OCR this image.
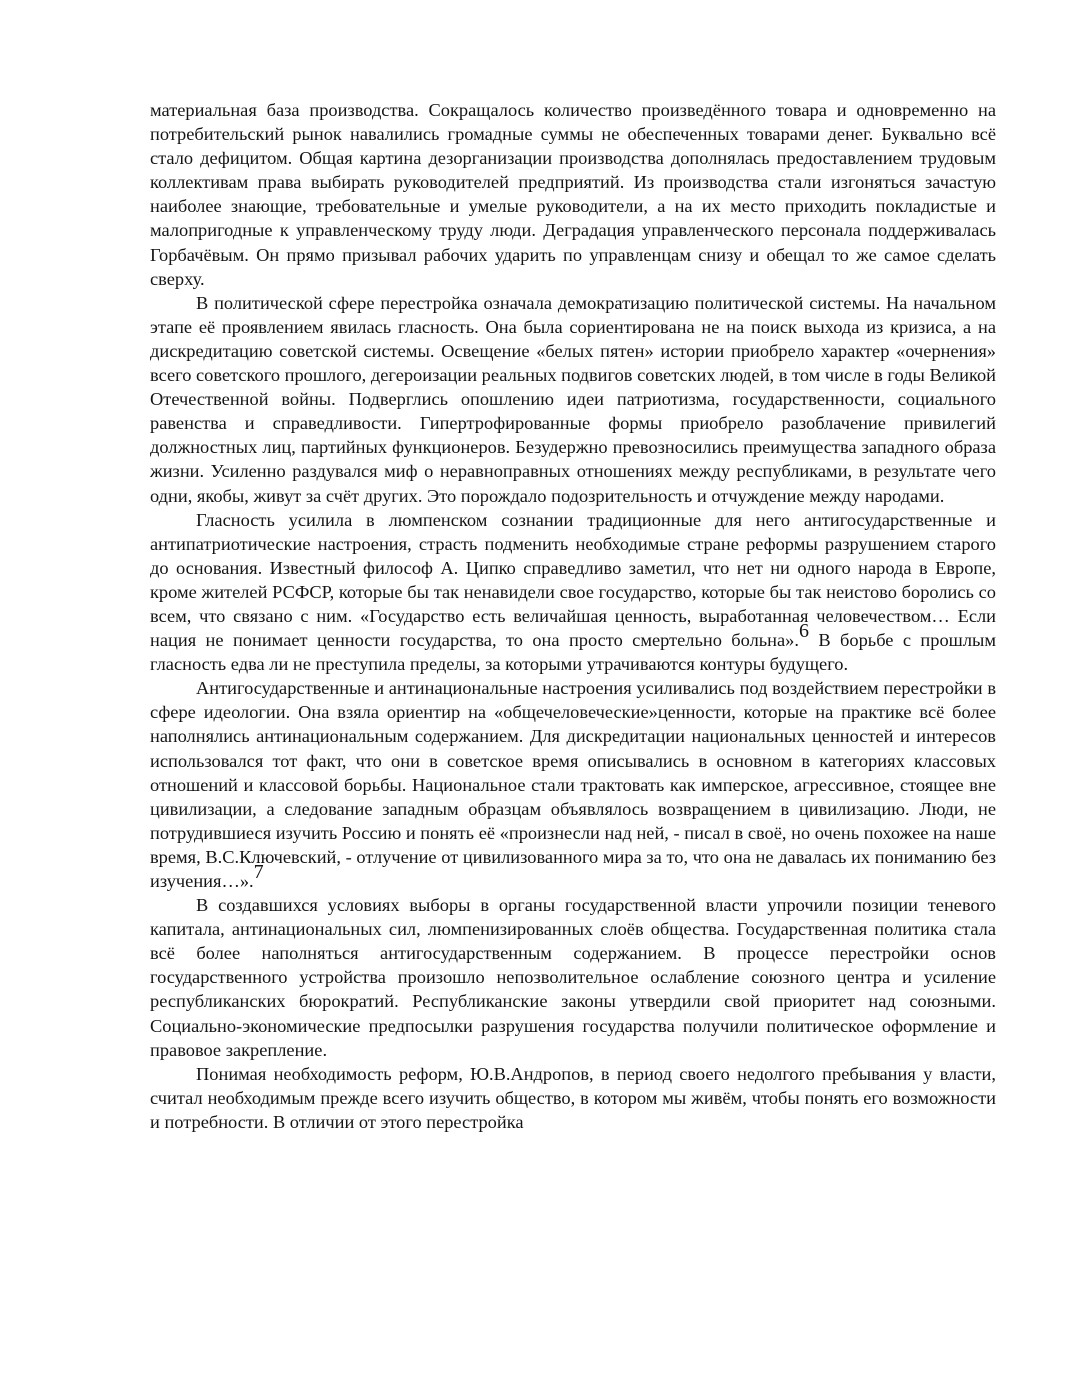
материальная база производства. Сокращалось количество произведённого товара и одновременно на потребительский рынок навалились громадные суммы не обеспеченных товарами денег. Буквально всё стало дефицитом. Общая картина дезорганизации производства дополнялась предоставлением трудовым коллективам права выбирать руководителей предприятий. Из производства стали изгоняться зачастую наиболее знающие, требовательные и умелые руководители, а на их место приходить покладистые и малопригодные к управленческому труду люди. Деградация управленческого персонала поддерживалась Горбачёвым. Он прямо призывал рабочих ударить по управленцам снизу и обещал то же самое сделать сверху.

В политической сфере перестройка означала демократизацию политической системы. На начальном этапе её проявлением явилась гласность. Она была сориентирована не на поиск выхода из кризиса, а на дискредитацию советской системы. Освещение «белых пятен» истории приобрело характер «очернения» всего советского прошлого, дегероизации реальных подвигов советских людей, в том числе в годы Великой Отечественной войны. Подверглись опошлению идеи патриотизма, государственности, социального равенства и справедливости. Гипертрофированные формы приобрело разоблачение привилегий должностных лиц, партийных функционеров. Безудержно превозносились преимущества западного образа жизни. Усиленно раздувался миф о неравноправных отношениях между республиками, в результате чего одни, якобы, живут за счёт других. Это порождало подозрительность и отчуждение между народами.

Гласность усилила в люмпенском сознании традиционные для него антигосударственные и антипатриотические настроения, страсть подменить необходимые стране реформы разрушением старого до основания. Известный философ А. Ципко справедливо заметил, что нет ни одного народа в Европе, кроме жителей РСФСР, которые бы так ненавидели свое государство, которые бы так неистово боролись со всем, что связано с ним. «Государство есть величайшая ценность, выработанная человечеством… Если нация не понимает ценности государства, то она просто смертельно больна».6 В борьбе с прошлым гласность едва ли не преступила пределы, за которыми утрачиваются контуры будущего.

Антигосударственные и антинациональные настроения усиливались под воздействием перестройки в сфере идеологии. Она взяла ориентир на «общечеловеческие»ценности, которые на практике всё более наполнялись антинациональным содержанием. Для дискредитации национальных ценностей и интересов использовался тот факт, что они в советское время описывались в основном в категориях классовых отношений и классовой борьбы. Национальное стали трактовать как имперское, агрессивное, стоящее вне цивилизации, а следование западным образцам объявлялось возвращением в цивилизацию. Люди, не потрудившиеся изучить Россию и понять её «произнесли над ней, - писал в своё, но очень похожее на наше время, В.С.Ключевский, - отлучение от цивилизованного мира за то, что она не давалась их пониманию без изучения…».7

В создавшихся условиях выборы в органы государственной власти упрочили позиции теневого капитала, антинациональных сил, люмпенизированных слоёв общества. Государственная политика стала всё более наполняться антигосударственным содержанием. В процессе перестройки основ государственного устройства произошло непозволительное ослабление союзного центра и усиление республиканских бюрократий. Республиканские законы утвердили свой приоритет над союзными. Социально-экономические предпосылки разрушения государства получили политическое оформление и правовое закрепление.

Понимая необходимость реформ, Ю.В.Андропов, в период своего недолгого пребывания у власти, считал необходимым прежде всего изучить общество, в котором мы живём, чтобы понять его возможности и потребности. В отличии от этого перестройка
